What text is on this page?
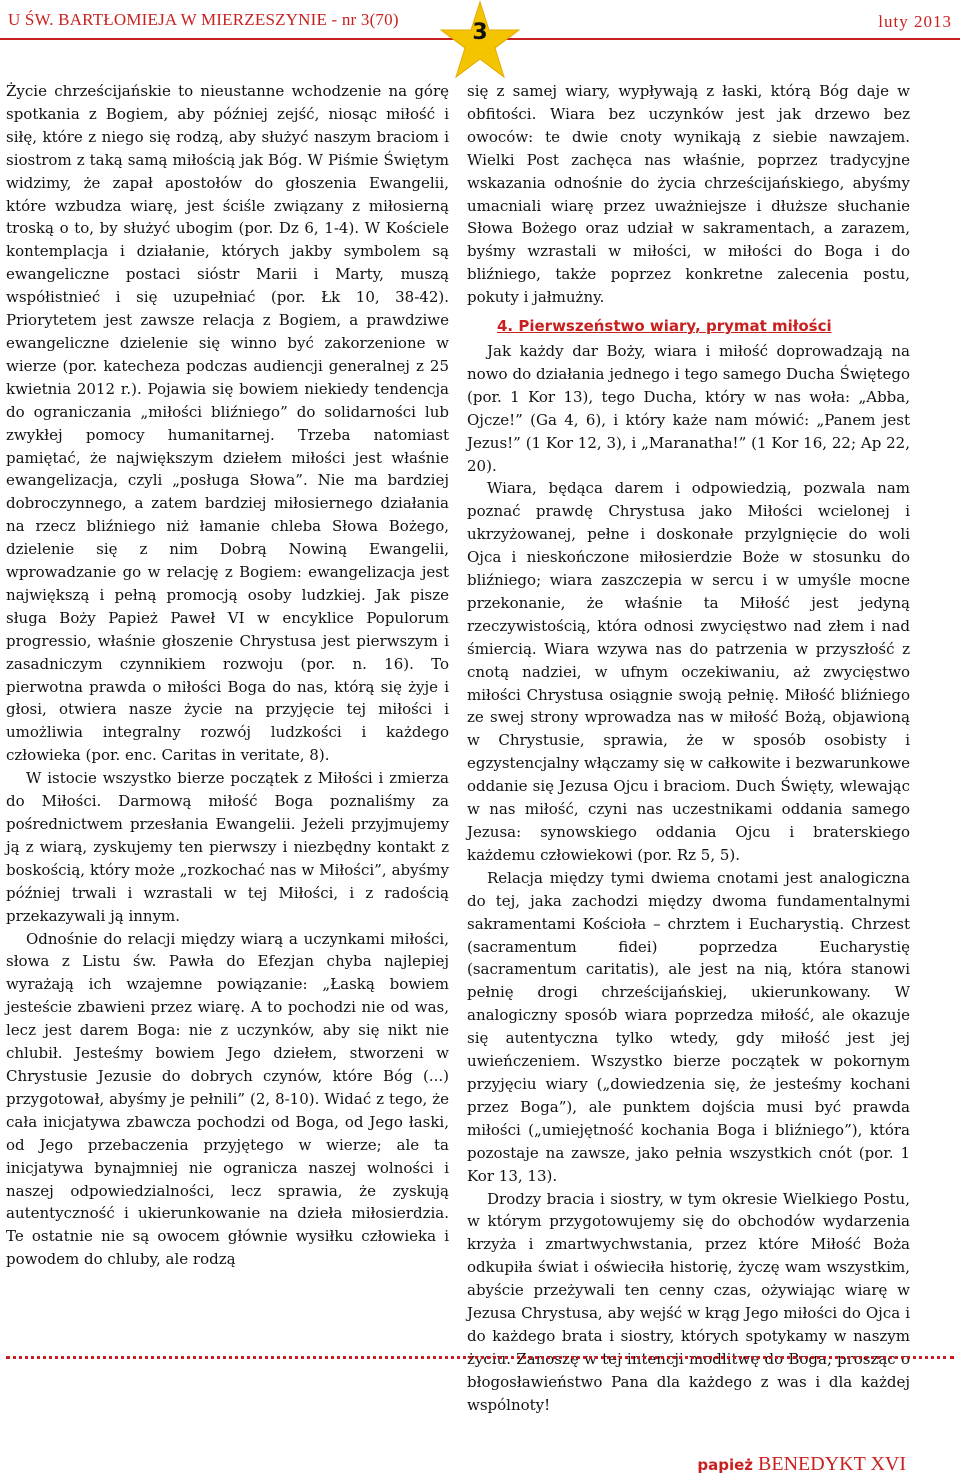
U ŚW. BARTŁOMIEJA W MIERZESZYNIE - nr 3(70)	luty 2013
3

Życie chrześcijańskie to nieustanne wchodzenie na górę spotkania z Bogiem, aby później zejść, niosąc miłość i siłę, które z niego się rodzą, aby służyć naszym braciom i siostrom z taką samą miłością jak Bóg. W Piśmie Świętym widzimy, że zapał apostołów do głoszenia Ewangelii, które wzbudza wiarę, jest ściśle związany z miłosierną troską o to, by służyć ubogim (por. Dz 6, 1-4). W Kościele kontemplacja i działanie, których jakby symbolem są ewangeliczne postaci sióstr Marii i Marty, muszą współistnieć i się uzupełniać (por. Łk 10, 38-42). Priorytetem jest zawsze relacja z Bogiem, a prawdziwe ewangeliczne dzielenie się winno być zakorzenione w wierze (por. katecheza podczas audiencji generalnej z 25 kwietnia 2012 r.). Pojawia się bowiem niekiedy tendencja do ograniczania „miłości bliźniego” do solidarności lub zwykłej pomocy humanitarnej. Trzeba natomiast pamiętać, że największym dziełem miłości jest właśnie ewangelizacja, czyli „posługa Słowa”. Nie ma bardziej dobroczynnego, a zatem bardziej miłosiernego działania na rzecz bliźniego niż łamanie chleba Słowa Bożego, dzielenie się z nim Dobrą Nowiną Ewangelii, wprowadzanie go w relację z Bogiem: ewangelizacja jest największą i pełną promocją osoby ludzkiej. Jak pisze sługa Boży Papież Paweł VI w encyklice Populorum progressio, właśnie głoszenie Chrystusa jest pierwszym i zasadniczym czynnikiem rozwoju (por. n. 16). To pierwotna prawda o miłości Boga do nas, którą się żyje i głosi, otwiera nasze życie na przyjęcie tej miłości i umożliwia integralny rozwój ludzkości i każdego człowieka (por. enc. Caritas in veritate, 8).

W istocie wszystko bierze początek z Miłości i zmierza do Miłości. Darmową miłość Boga poznaliśmy za pośrednictwem przesłania Ewangelii. Jeżeli przyjmujemy ją z wiarą, zyskujemy ten pierwszy i niezbędny kontakt z boskością, który może „rozkochać nas w Miłości”, abyśmy później trwali i wzrastali w tej Miłości, i z radością przekazywali ją innym.

Odnośnie do relacji między wiarą a uczynkami miłości, słowa z Listu św. Pawła do Efezjan chyba najlepiej wyrażają ich wzajemne powiązanie: „Łaską bowiem jesteście zbawieni przez wiarę. A to pochodzi nie od was, lecz jest darem Boga: nie z uczynków, aby się nikt nie chlubił. Jesteśmy bowiem Jego dziełem, stworzeni w Chrystusie Jezusie do dobrych czynów, które Bóg (...) przygotował, abyśmy je pełnili” (2, 8-10). Widać z tego, że cała inicjatywa zbawcza pochodzi od Boga, od Jego łaski, od Jego przebaczenia przyjętego w wierze; ale ta inicjatywa bynajmniej nie ogranicza naszej wolności i naszej odpowiedzialności, lecz sprawia, że zyskują autentyczność i ukierunkowanie na dzieła miłosierdzia. Te ostatnie nie są owocem głównie wysiłku człowieka i powodem do chluby, ale rodzą

się z samej wiary, wypływają z łaski, którą Bóg daje w obfitości. Wiara bez uczynków jest jak drzewo bez owoców: te dwie cnoty wynikają z siebie nawzajem. Wielki Post zachęca nas właśnie, poprzez tradycyjne wskazania odnośnie do życia chrześcijańskiego, abyśmy umacniali wiarę przez uważniejsze i dłuższe słuchanie Słowa Bożego oraz udział w sakramentach, a zarazem, byśmy wzrastali w miłości, w miłości do Boga i do bliźniego, także poprzez konkretne zalecenia postu, pokuty i jałmużny.

4. Pierwszeństwo wiary, prymat miłości

Jak każdy dar Boży, wiara i miłość doprowadzają na nowo do działania jednego i tego samego Ducha Świętego (por. 1 Kor 13), tego Ducha, który w nas woła: „Abba, Ojcze!” (Ga 4, 6), i który każe nam mówić: „Panem jest Jezus!” (1 Kor 12, 3), i „Maranatha!” (1 Kor 16, 22; Ap 22, 20).

Wiara, będąca darem i odpowiedzią, pozwala nam poznać prawdę Chrystusa jako Miłości wcielonej i ukrzyżowanej, pełne i doskonałe przylgnięcie do woli Ojca i nieskończone miłosierdzie Boże w stosunku do bliźniego; wiara zaszczepia w sercu i w umyśle mocne przekonanie, że właśnie ta Miłość jest jedyną rzeczywistością, która odnosi zwycięstwo nad złem i nad śmiercią. Wiara wzywa nas do patrzenia w przyszłość z cnotą nadziei, w ufnym oczekiwaniu, aż zwycięstwo miłości Chrystusa osiągnie swoją pełnię. Miłość bliźniego ze swej strony wprowadza nas w miłość Bożą, objawioną w Chrystusie, sprawia, że w sposób osobisty i egzystencjalny włączamy się w całkowite i bezwarunkowe oddanie się Jezusa Ojcu i braciom. Duch Święty, wlewając w nas miłość, czyni nas uczestnikami oddania samego Jezusa: synowskiego oddania Ojcu i braterskiego każdemu człowiekowi (por. Rz 5, 5).

Relacja między tymi dwiema cnotami jest analogiczna do tej, jaka zachodzi między dwoma fundamentalnymi sakramentami Kościoła – chrztem i Eucharystią. Chrzest (sacramentum fidei) poprzedza Eucharystię (sacramentum caritatis), ale jest na nią, która stanowi pełnię drogi chrześcijańskiej, ukierunkowany. W analogiczny sposób wiara poprzedza miłość, ale okazuje się autentyczna tylko wtedy, gdy miłość jest jej uwieńczeniem. Wszystko bierze początek w pokornym przyjęciu wiary („dowiedzenia się, że jesteśmy kochani przez Boga”), ale punktem dojścia musi być prawda miłości („umiejętność kochania Boga i bliźniego”), która pozostaje na zawsze, jako pełnia wszystkich cnót (por. 1 Kor 13, 13).

Drodzy bracia i siostry, w tym okresie Wielkiego Postu, w którym przygotowujemy się do obchodów wydarzenia krzyża i zmartwychwstania, przez które Miłość Boża odkupiła świat i oświeciła historię, życzę wam wszystkim, abyście przeżywali ten cenny czas, ożywiając wiarę w Jezusa Chrystusa, aby wejść w krąg Jego miłości do Ojca i do każdego brata i siostry, których spotykamy w naszym życiu. Zanoszę w tej intencji modlitwę do Boga, prosząc o błogosławieństwo Pana dla każdego z was i dla każdej wspólnoty!

papież BENEDYKT XVI
